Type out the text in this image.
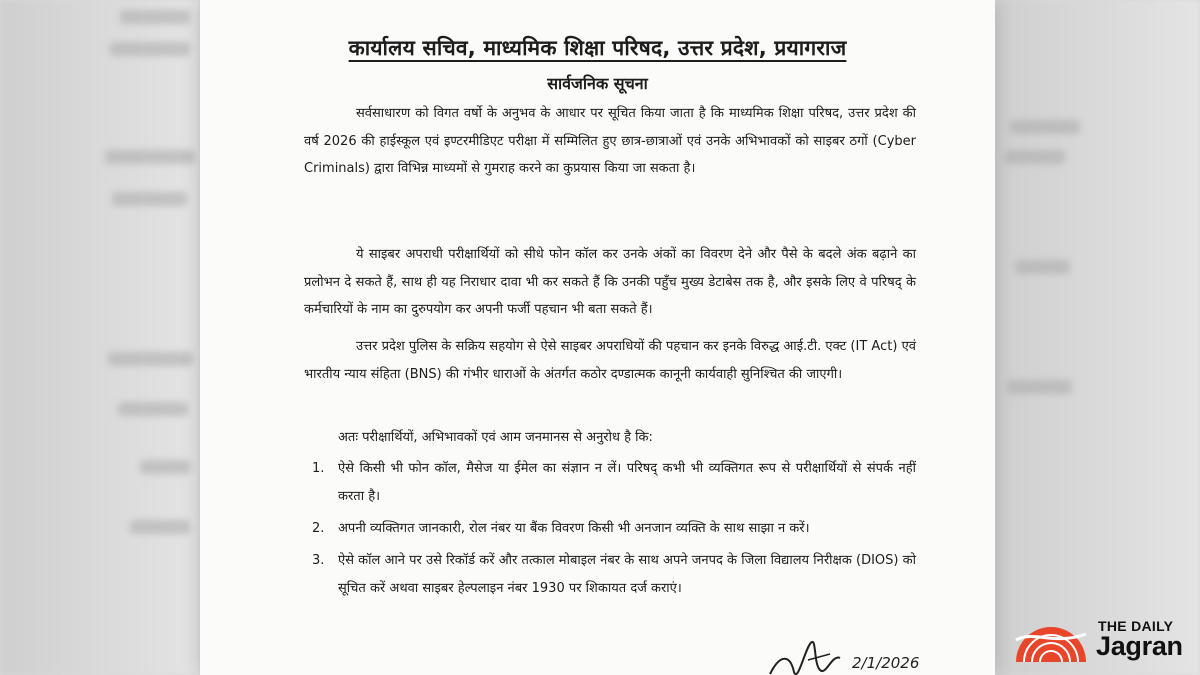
कार्यालय सचिव, माध्यमिक शिक्षा परिषद, उत्तर प्रदेश, प्रयागराज
सार्वजनिक सूचना

सर्वसाधारण को विगत वर्षो के अनुभव के आधार पर सूचित किया जाता है कि माध्यमिक शिक्षा परिषद, उत्तर प्रदेश की वर्ष 2026 की हाईस्कूल एवं इण्टरमीडिएट परीक्षा में सम्मिलित हुए छात्र-छात्राओं एवं उनके अभिभावकों को साइबर ठगों (Cyber Criminals) द्वारा विभिन्न माध्यमों से गुमराह करने का कुप्रयास किया जा सकता है।

ये साइबर अपराधी परीक्षार्थियों को सीधे फोन कॉल कर उनके अंकों का विवरण देने और पैसे के बदले अंक बढ़ाने का प्रलोभन दे सकते हैं, साथ ही यह निराधार दावा भी कर सकते हैं कि उनकी पहुँच मुख्य डेटाबेस तक है, और इसके लिए वे परिषद् के कर्मचारियों के नाम का दुरुपयोग कर अपनी फर्जी पहचान भी बता सकते हैं।

उत्तर प्रदेश पुलिस के सक्रिय सहयोग से ऐसे साइबर अपराधियों की पहचान कर इनके विरुद्ध आई.टी. एक्ट (IT Act) एवं भारतीय न्याय संहिता (BNS) की गंभीर धाराओं के अंतर्गत कठोर दण्डात्मक कानूनी कार्यवाही सुनिश्चित की जाएगी।

अतः परीक्षार्थियों, अभिभावकों एवं आम जनमानस से अनुरोध है कि:

1. ऐसे किसी भी फोन कॉल, मैसेज या ईमेल का संज्ञान न लें। परिषद् कभी भी व्यक्तिगत रूप से परीक्षार्थियों से संपर्क नहीं करता है।
2. अपनी व्यक्तिगत जानकारी, रोल नंबर या बैंक विवरण किसी भी अनजान व्यक्ति के साथ साझा न करें।
3. ऐसे कॉल आने पर उसे रिकॉर्ड करें और तत्काल मोबाइल नंबर के साथ अपने जनपद के जिला विद्यालय निरीक्षक (DIOS) को सूचित करें अथवा साइबर हेल्पलाइन नंबर 1930 पर शिकायत दर्ज कराएं।
2/1/2026
THE DAILY
Jagran
